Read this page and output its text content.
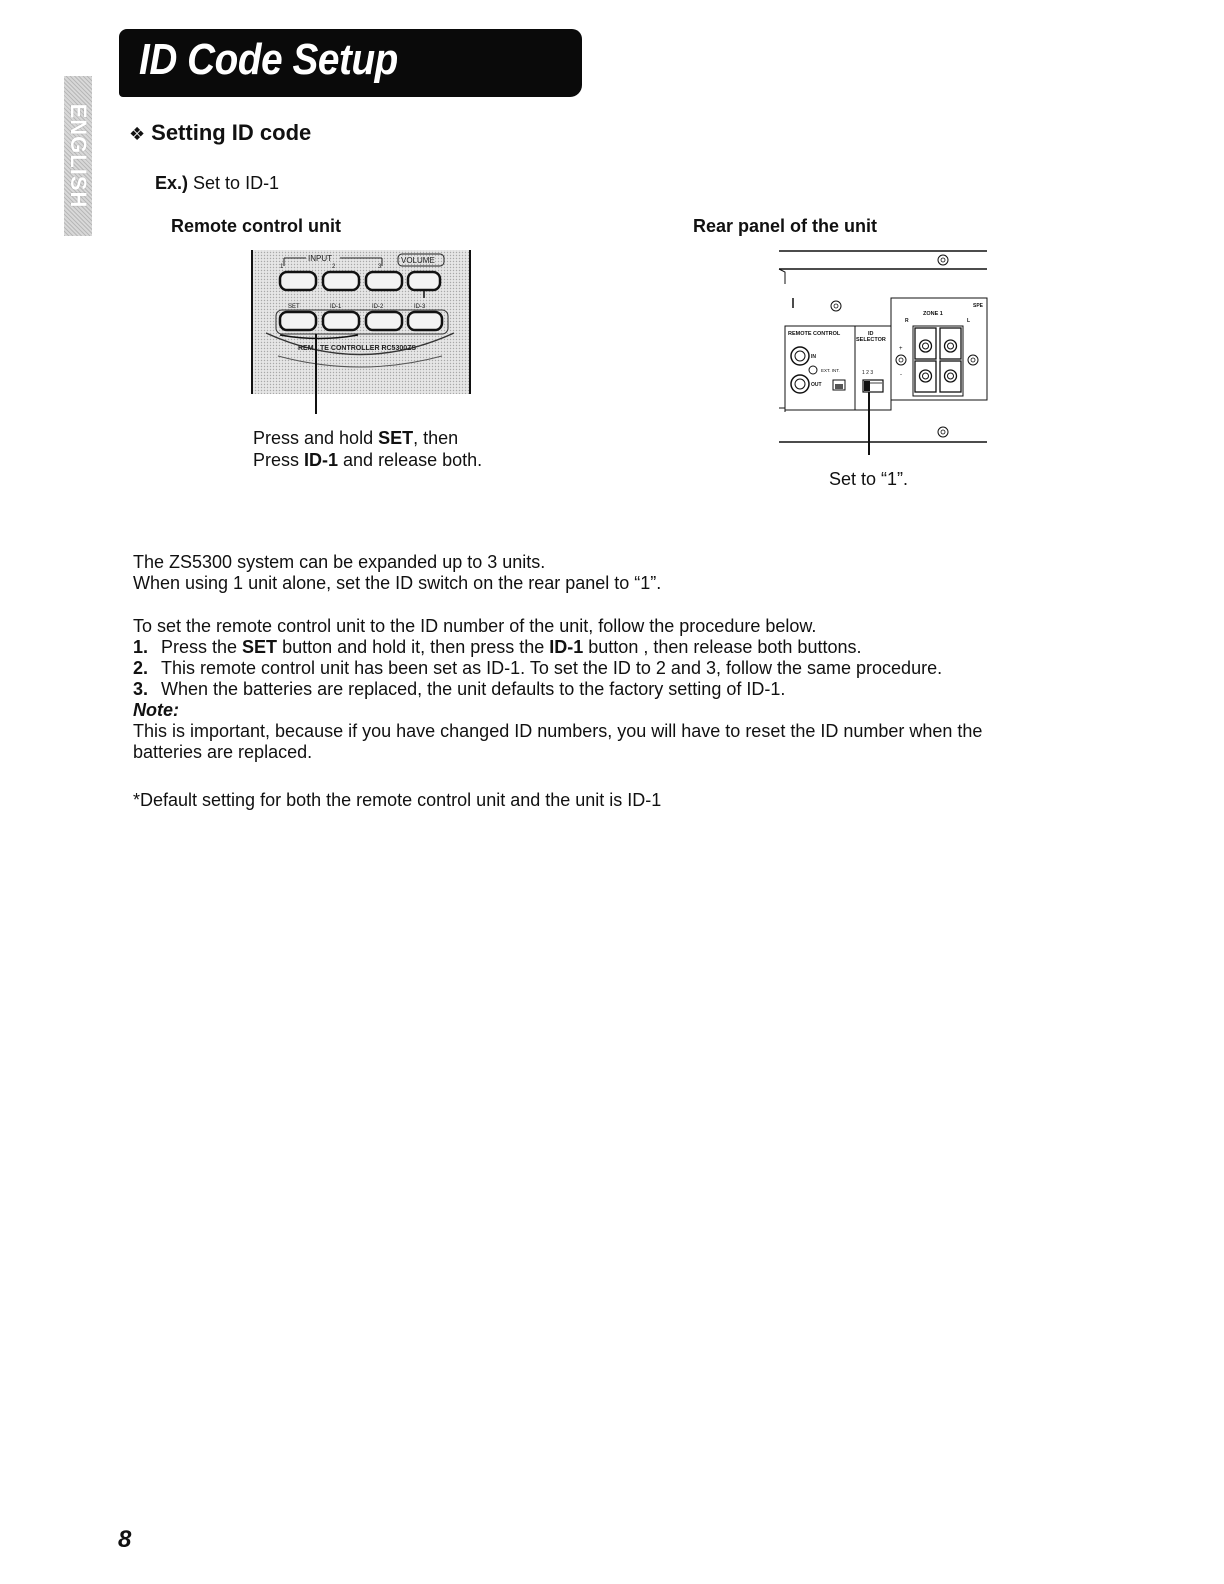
ID Code Setup
ENGLISH ❖ Setting ID code
Ex.) Set to ID-1
Remote control unit	Rear panel of the unit
INPUT
1	2	3
VOLUME
SET	ID-1	ID-2	ID-3
REM TE CONTROLLER RC5300ZS
Press and hold SET, then
Press ID-1 and release both.
REMOTE CONTROL
IN
OUT
EXT. INT.
ID
SELECTOR
1 2 3
SPE
ZONE 1
R	L
+
-
Set to “1”.

The ZS5300 system can be expanded up to 3 units.

When using 1 unit alone, set the ID switch on the rear panel to “1”.

To set the remote control unit to the ID number of the unit, follow the procedure below.

1. Press the SET button and hold it, then press the ID-1 button , then release both buttons.
2. This remote control unit has been set as ID-1. To set the ID to 2 and 3, follow the same procedure.
3. When the batteries are replaced, the unit defaults to the factory setting of ID-1.

Note:

This is important, because if you have changed ID numbers, you will have to reset the ID number when the

batteries are replaced.

*Default setting for both the remote control unit and the unit is ID-1
8
